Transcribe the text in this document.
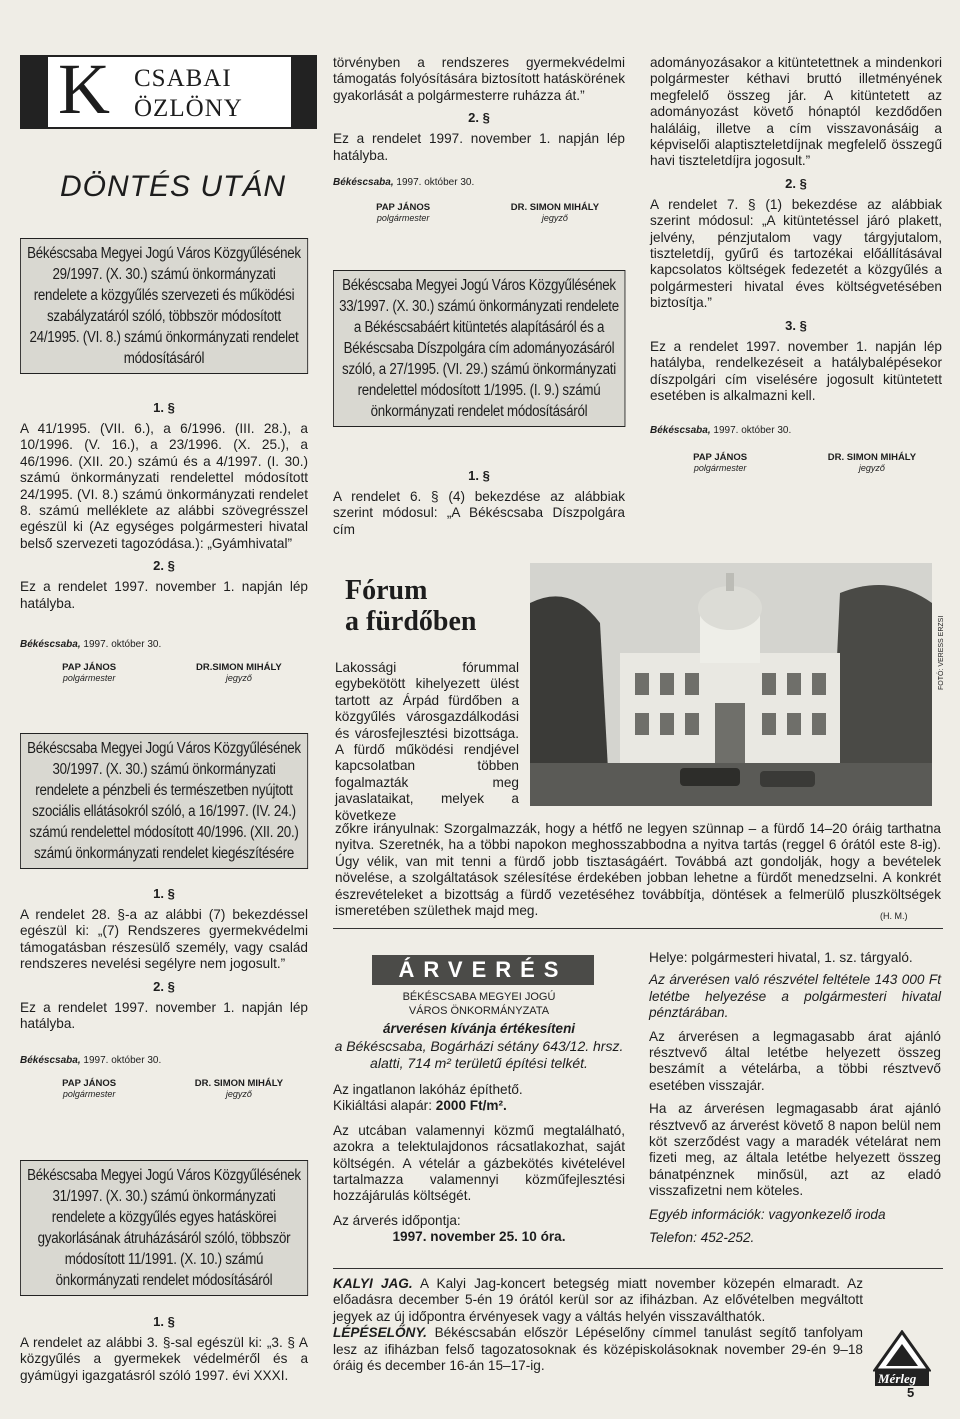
K CSABAI
ÖZLÖNY
DÖNTÉS UTÁN
Békéscsaba Megyei Jogú Város Közgyűlésének 29/1997. (X. 30.) számú önkormányzati rendelete a közgyűlés szervezeti és működési szabályzatáról szóló, többször módosított 24/1995. (VI. 8.) számú önkormányzati rendelet módosításáról
1. §

A 41/1995. (VII. 6.), a 6/1996. (III. 28.), a 10/1996. (V. 16.), a 23/1996. (X. 25.), a 46/1996. (XII. 20.) számú és a 4/1997. (I. 30.) számú önkormányzati rendelettel módosított 24/1995. (VI. 8.) számú önkormányzati rendelet 8. számú melléklete az alábbi szövegrésszel egészül ki (Az egységes polgármesteri hivatal belső szervezeti tagozódása.): „Gyámhivatal”

2. §

Ez a rendelet 1997. november 1. napján lép hatályba.

Békéscsaba, 1997. október 30.
PAP JÁNOS
polgármester
DR.SIMON MIHÁLY
jegyző
Békéscsaba Megyei Jogú Város Közgyűlésének 30/1997. (X. 30.) számú önkormányzati rendelete a pénzbeli és természetben nyújtott szociális ellátásokról szóló, a 16/1997. (IV. 24.) számú rendelettel módosított 40/1996. (XII. 20.) számú önkormányzati rendelet kiegészítésére
1. §

A rendelet 28. §-a az alábbi (7) bekezdéssel egészül ki: „(7) Rendszeres gyermekvédelmi támogatásban részesülő személy, vagy család rendszeres nevelési segélyre nem jogosult.”

2. §

Ez a rendelet 1997. november 1. napján lép hatályba.

Békéscsaba, 1997. október 30.
PAP JÁNOS
polgármester
DR. SIMON MIHÁLY
jegyző
Békéscsaba Megyei Jogú Város Közgyűlésének 31/1997. (X. 30.) számú önkormányzati rendelete a közgyűlés egyes hatáskörei gyakorlásának átruházásáról szóló, többször módosított 11/1991. (X. 10.) számú önkormányzati rendelet módosításáról
1. §

A rendelet az alábbi 3. §-sal egészül ki: „3. § A közgyűlés a gyermekek védelméről és a gyámügyi igazgatásról szóló 1997. évi XXXI.

törvényben a rendszeres gyermekvédelmi támogatás folyósítására biztosított hatáskörének gyakorlását a polgármesterre ruházza át.”

2. §

Ez a rendelet 1997. november 1. napján lép hatályba.

Békéscsaba, 1997. október 30.
PAP JÁNOS
polgármester
DR. SIMON MIHÁLY
jegyző
Békéscsaba Megyei Jogú Város Közgyűlésének 33/1997. (X. 30.) számú önkormányzati rendelete a Békéscsabáért kitüntetés alapításáról és a Békéscsaba Díszpolgára cím adományozásáról szóló, a 27/1995. (VI. 29.) számú önkormányzati rendelettel módosított 1/1995. (I. 9.) számú önkormányzati rendelet módosításáról
1. §

A rendelet 6. § (4) bekezdése az alábbiak szerint módosul: „A Békéscsaba Díszpolgára cím

adományozásakor a kitüntetettnek a mindenkori polgármester kéthavi bruttó illetményének megfelelő összeg jár. A kitüntetett az adományozást követő hónaptól kezdődően haláláig, illetve a cím visszavonásáig a képviselői alaptiszteletdíjnak megfelelő összegű havi tiszteletdíjra jogosult.”

2. §

A rendelet 7. § (1) bekezdése az alábbiak szerint módosul: „A kitüntetéssel járó plakett, jelvény, pénzjutalom vagy tárgyjutalom, tiszteletdíj, gyűrű és tartozékai előállításával kapcsolatos költségek fedezetét a közgyűlés a polgármesteri hivatal éves költségvetésében biztosítja.”

3. §

Ez a rendelet 1997. november 1. napján lép hatályba, rendelkezéseit a hatálybalépésekor díszpolgári cím viselésére jogosult kitüntetett esetében is alkalmazni kell.

Békéscsaba, 1997. október 30.
PAP JÁNOS
polgármester
DR. SIMON MIHÁLY
jegyző
Fórum
a fürdőben	FOTÓ: VERESS ERZSI

Lakossági fórummal egybekötött kihelyezett ülést tartott az Árpád fürdőben a közgyűlés városgazdálkodási és városfejlesztési bizottsága. A fürdő működési rendjével kapcsolatban többen fogalmazták meg javaslataikat, melyek a következe

zőkre irányulnak: Szorgalmazzák, hogy a hétfő ne legyen szünnap – a fürdő 14–20 óráig tarthatna nyitva. Szeretnék, ha a többi napokon meghosszabbodna a nyitva tartás (reggel 6 órától este 8-ig). Úgy vélik, van mit tenni a fürdő jobb tisztaságáért. Továbbá azt gondolják, hogy a bevételek növelése, a szolgáltatások szélesítése érdekében jobban lehetne a fürdőt menedzselni. A konkrét észrevételeket a bizottság a fürdő vezetéséhez továbbítja, döntések a felmerülő pluszköltségek ismeretében születhek majd meg.	(H. M.)
ÁRVERÉS
BÉKÉSCSABA MEGYEI JOGÚ VÁROS ÖNKORMÁNYZATA
árverésen kívánja értékesíteni
a Békéscsaba, Bogárházi sétány 643/12. hrsz. alatti, 714 m² területű építési telkét.

Az ingatlanon lakóház építhető.

Kikiáltási alapár: 2000 Ft/m².

Az utcában valamennyi közmű megtalálható, azokra a telektulajdonos rácsatlakozhat, saját költségén. A vételár a gázbekötés kivételével tartalmazza valamennyi közműfejlesztési hozzájárulás költségét.

Az árverés időpontja:

1997. november 25. 10 óra.

Helye: polgármesteri hivatal, 1. sz. tárgyaló.

Az árverésen való részvétel feltétele 143 000 Ft letétbe helyezése a polgármesteri hivatal pénztárában.

Az árverésen a legmagasabb árat ajánló résztvevő által letétbe helyezett összeg beszámít a vételárba, a többi résztvevő esetében visszajár.

Ha az árverésen legmagasabb árat ajánló résztvevő az árverést követő 8 napon belül nem köt szerződést vagy a maradék vételárat nem fizeti meg, az általa letétbe helyezett összeg bánatpénznek minősül, azt az eladó visszafizetni nem köteles.

Egyéb információk: vagyonkezelő iroda

Telefon: 452-252.

KALYI JAG. A Kalyi Jag-koncert betegség miatt november közepén elmaradt. Az előadásra december 5-én 19 órától kerül sor az ifiházban. Az elővételben megváltott jegyek az új időpontra érvényesek vagy a váltás helyén visszaválthatók.

LÉPÉSELŐNY. Békéscsabán először Lépéselőny címmel tanulást segítő tanfolyam lesz az ifiházban felső tagozatosoknak és középiskolásoknak november 29-én 9–18 óráig és december 16-án 15–17-ig.

Mérleg
5
